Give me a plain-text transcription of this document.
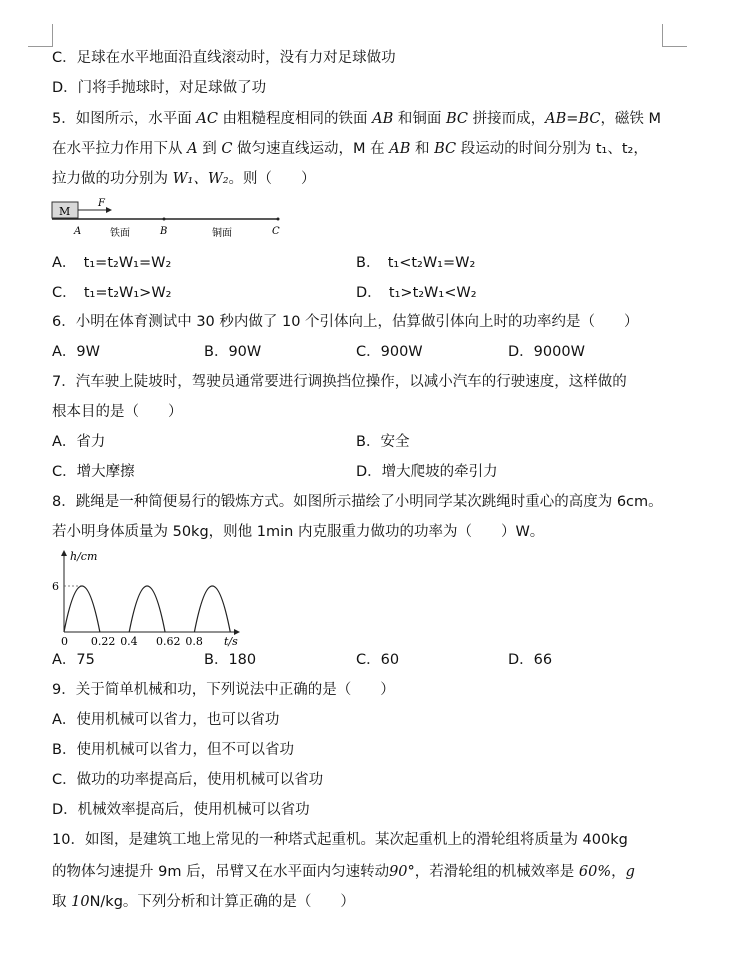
C．足球在水平地面沿直线滚动时，没有力对足球做功
D．门将手抛球时，对足球做了功
5．如图所示，水平面 AC 由粗糙程度相同的铁面 AB 和铜面 BC 拼接而成，AB=BC，磁铁 M
在水平拉力作用下从 A 到 C 做匀速直线运动，M 在 AB 和 BC 段运动的时间分别为 t₁、t₂，
拉力做的功分别为 W₁、W₂。则（　　）
M
F
A	铁面	B	铜面	C
A．　t₁=t₂W₁=W₂	B．　t₁<t₂W₁=W₂
C．　t₁=t₂W₁>W₂	D．　t₁>t₂W₁<W₂
6．小明在体育测试中 30 秒内做了 10 个引体向上，估算做引体向上时的功率约是（　　）
A．9W	B．90W	C．900W	D．9000W
7．汽车驶上陡坡时，驾驶员通常要进行调换挡位操作，以减小汽车的行驶速度，这样做的
根本目的是（　　）
A．省力	B．安全
C．增大摩擦	D．增大爬坡的牵引力
8．跳绳是一种简便易行的锻炼方式。如图所示描绘了小明同学某次跳绳时重心的高度为 6cm。
若小明身体质量为 50kg，则他 1min 内克服重力做功的功率为（　　）W。
h/cm
6
0 0.22 0.4 0.62 0.8 t/s
A．75	B．180	C．60	D．66
9．关于简单机械和功，下列说法中正确的是（　　）
A．使用机械可以省力，也可以省功
B．使用机械可以省力，但不可以省功
C．做功的功率提高后，使用机械可以省功
D．机械效率提高后，使用机械可以省功
10．如图，是建筑工地上常见的一种塔式起重机。某次起重机上的滑轮组将质量为 400kg
的物体匀速提升 9m 后，吊臂又在水平面内匀速转动90°，若滑轮组的机械效率是 60%，g
取 10N/kg。下列分析和计算正确的是（　　）
